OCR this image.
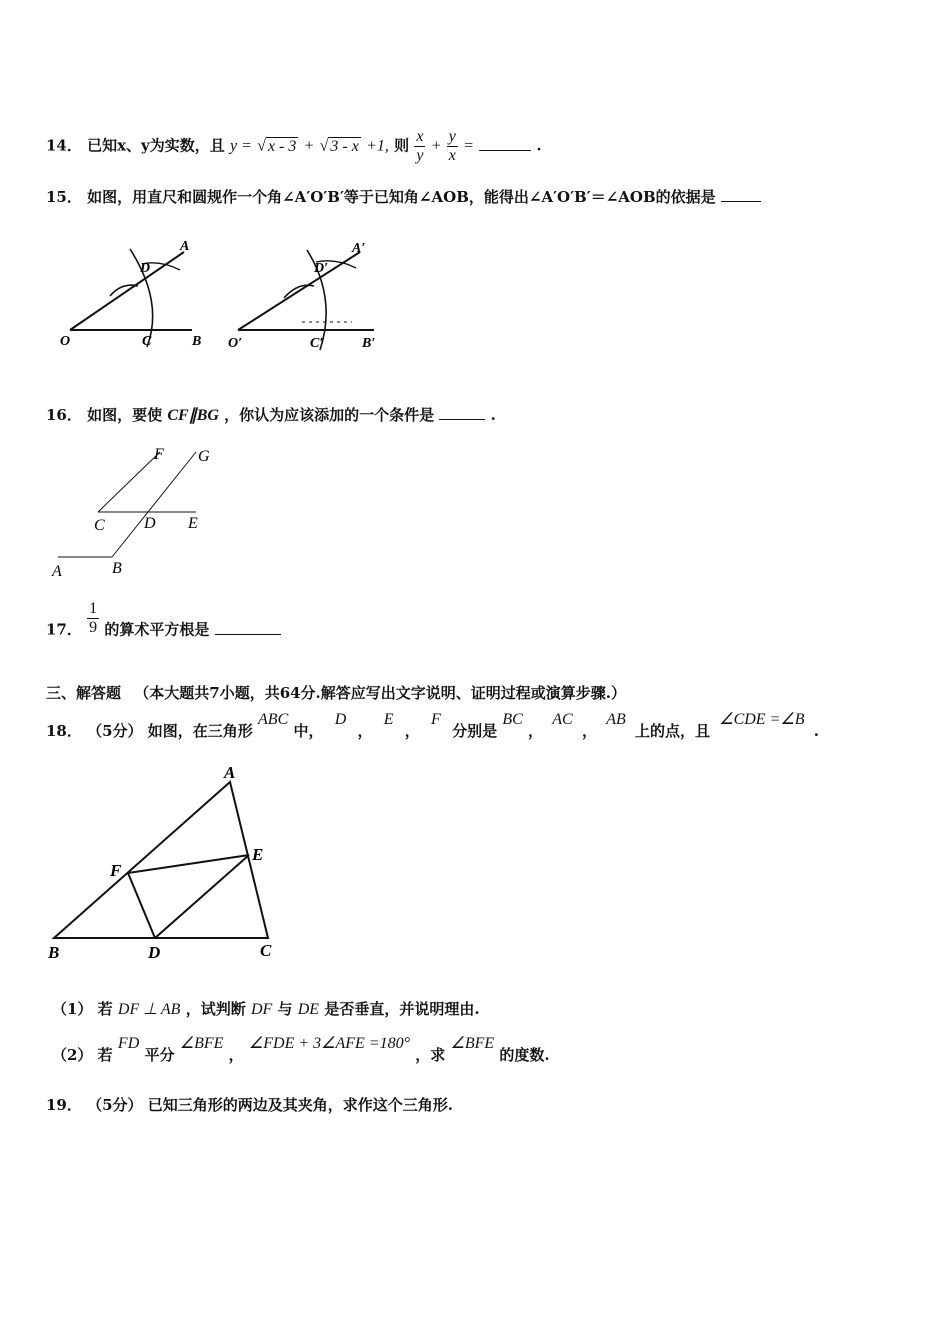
14． 已知x、y为实数，且 y = √ x - 3 + √ 3 - x +1, 则 $\frac{x}{y} + \frac{y}{x}$ =	.
15． 如图，用直尺和圆规作一个角∠A′O′B′等于已知角∠AOB，能得出∠A′O′B′＝∠AOB的依据是
A
D
O	C	B
A′
D′
O′	C′	B′
16． 如图，要使 CF∥BG ，你认为应该添加的一个条件是	.
F G
C D E
A	B
17． $\frac{1}{9}$ 的算术平方根是
三、解答题 （本大题共7小题，共64分.解答应写出文字说明、证明过程或演算步骤.）
18． （5分） 如图，在三角形 ABC 中， D ， E ， F 分别是 BC ， AC ， AB 上的点，且 ∠CDE =∠B .
A
E
F
B	D	C
（1） 若 DF ⊥ AB ，试判断 DF 与 DE 是否垂直，并说明理由.
（2） 若 FD 平分 ∠BFE ， ∠FDE + 3∠AFE =180° ，求 ∠BFE 的度数.
19． （5分） 已知三角形的两边及其夹角，求作这个三角形.
